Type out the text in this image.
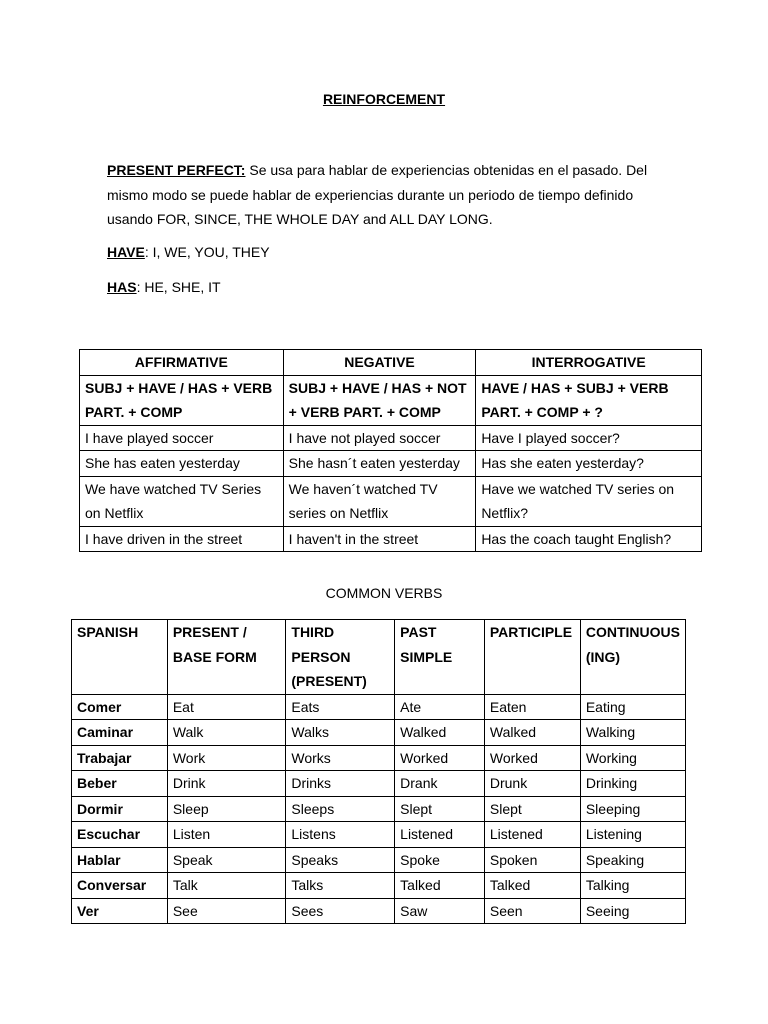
REINFORCEMENT
PRESENT PERFECT: Se usa para hablar de experiencias obtenidas en el pasado. Del mismo modo se puede hablar de experiencias durante un periodo de tiempo definido usando FOR, SINCE, THE WHOLE DAY and ALL DAY LONG.
HAVE: I, WE, YOU, THEY
HAS: HE, SHE, IT
AFFIRMATIVE	NEGATIVE	INTERROGATIVE
SUBJ + HAVE / HAS + VERB PART. + COMP	SUBJ + HAVE / HAS + NOT + VERB PART. + COMP	HAVE / HAS + SUBJ + VERB PART. + COMP + ?
I have played soccer	I have not played soccer	Have I played soccer?
She has eaten yesterday	She hasn´t eaten yesterday	Has she eaten yesterday?
We have watched TV Series on Netflix	We haven´t watched TV series on Netflix	Have we watched TV series on Netflix?
I have driven in the street	I haven't in the street	Has the coach taught English?
COMMON VERBS
SPANISH	PRESENT / BASE FORM	THIRD PERSON (PRESENT)	PAST SIMPLE	PARTICIPLE	CONTINUOUS (ING)
Comer	Eat	Eats	Ate	Eaten	Eating
Caminar	Walk	Walks	Walked	Walked	Walking
Trabajar	Work	Works	Worked	Worked	Working
Beber	Drink	Drinks	Drank	Drunk	Drinking
Dormir	Sleep	Sleeps	Slept	Slept	Sleeping
Escuchar	Listen	Listens	Listened	Listened	Listening
Hablar	Speak	Speaks	Spoke	Spoken	Speaking
Conversar	Talk	Talks	Talked	Talked	Talking
Ver	See	Sees	Saw	Seen	Seeing
